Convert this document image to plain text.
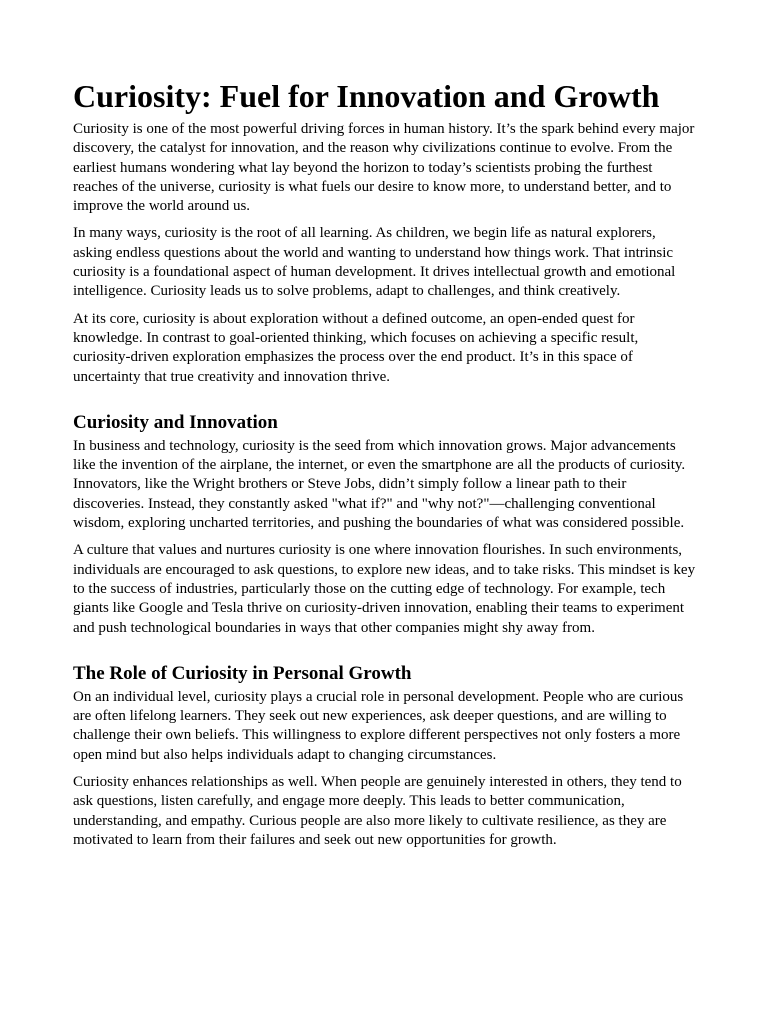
Curiosity: Fuel for Innovation and Growth

Curiosity is one of the most powerful driving forces in human history. It’s the spark behind every major discovery, the catalyst for innovation, and the reason why civilizations continue to evolve. From the earliest humans wondering what lay beyond the horizon to today’s scientists probing the furthest reaches of the universe, curiosity is what fuels our desire to know more, to understand better, and to improve the world around us.

In many ways, curiosity is the root of all learning. As children, we begin life as natural explorers, asking endless questions about the world and wanting to understand how things work. That intrinsic curiosity is a foundational aspect of human development. It drives intellectual growth and emotional intelligence. Curiosity leads us to solve problems, adapt to challenges, and think creatively.

At its core, curiosity is about exploration without a defined outcome, an open-ended quest for knowledge. In contrast to goal-oriented thinking, which focuses on achieving a specific result, curiosity-driven exploration emphasizes the process over the end product. It’s in this space of uncertainty that true creativity and innovation thrive.

Curiosity and Innovation

In business and technology, curiosity is the seed from which innovation grows. Major advancements like the invention of the airplane, the internet, or even the smartphone are all the products of curiosity. Innovators, like the Wright brothers or Steve Jobs, didn’t simply follow a linear path to their discoveries. Instead, they constantly asked "what if?" and "why not?"—challenging conventional wisdom, exploring uncharted territories, and pushing the boundaries of what was considered possible.

A culture that values and nurtures curiosity is one where innovation flourishes. In such environments, individuals are encouraged to ask questions, to explore new ideas, and to take risks. This mindset is key to the success of industries, particularly those on the cutting edge of technology. For example, tech giants like Google and Tesla thrive on curiosity-driven innovation, enabling their teams to experiment and push technological boundaries in ways that other companies might shy away from.

The Role of Curiosity in Personal Growth

On an individual level, curiosity plays a crucial role in personal development. People who are curious are often lifelong learners. They seek out new experiences, ask deeper questions, and are willing to challenge their own beliefs. This willingness to explore different perspectives not only fosters a more open mind but also helps individuals adapt to changing circumstances.

Curiosity enhances relationships as well. When people are genuinely interested in others, they tend to ask questions, listen carefully, and engage more deeply. This leads to better communication, understanding, and empathy. Curious people are also more likely to cultivate resilience, as they are motivated to learn from their failures and seek out new opportunities for growth.
